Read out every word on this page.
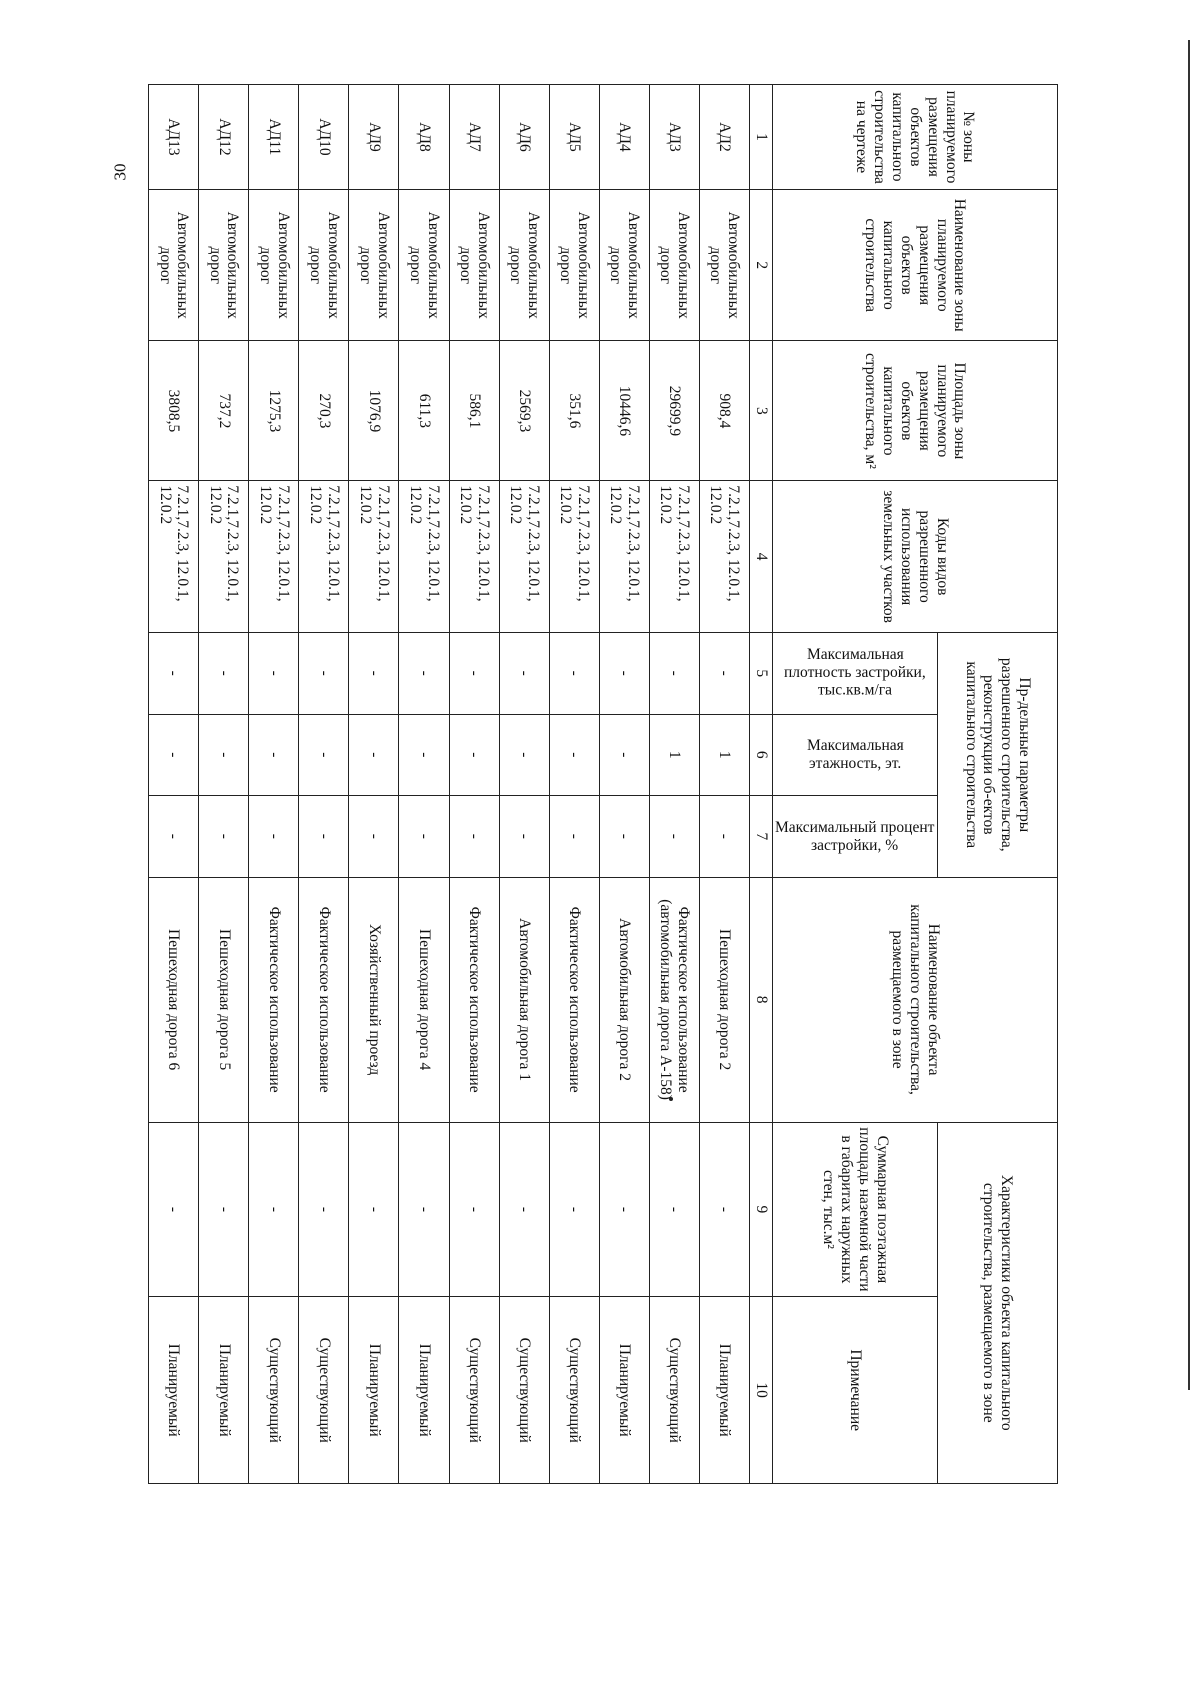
30
№ зоны планируемого размещения объектов капитального строительства на чертеже	Наименование зоны планируемого размещения объектов капитального строительства	Площадь зоны планируемого размещения объектов капитального строительства, м²	Коды видов разрешенного использования земельных участков	Пр-дельные параметры разрешенного строительства, реконструкции об-ектов капитального строительства			Наименование объекта капитального строительства, размещаемого в зоне	Характеристики объекта капитального строительства, размещаемого в зоне	

				Максимальная плотность застройки, тыс.кв.м/га	Максимальная этажность, эт.	Максимальный процент застройки, %		Суммарная поэтажная площадь наземной части в габаритах наружных стен, тыс.м²	Примечание
1	2	3	4	5	6	7	8	9	10
АД2	Автомобильных дорог	908,4	7.2.1,7.2.3, 12.0.1, 12.0.2	-	1	-	Пешеходная дорога 2	-	Планируемый
АД3	Автомобильных дорог	29699,9	7.2.1,7.2.3, 12.0.1, 12.0.2	-	1	-	Фактическое использование (автомобильная дорога А-158)	-	Существующий
АД4	Автомобильных дорог	10446,6	7.2.1,7.2.3, 12.0.1, 12.0.2	-	-	-	Автомобильная дорога 2	-	Планируемый
АД5	Автомобильных дорог	351,6	7.2.1,7.2.3, 12.0.1, 12.0.2	-	-	-	Фактическое использование	-	Существующий
АД6	Автомобильных дорог	2569,3	7.2.1,7.2.3, 12.0.1, 12.0.2	-	-	-	Автомобильная дорога 1	-	Существующий
АД7	Автомобильных дорог	586,1	7.2.1,7.2.3, 12.0.1, 12.0.2	-	-	-	Фактическое использование	-	Существующий
АД8	Автомобильных дорог	611,3	7.2.1,7.2.3, 12.0.1, 12.0.2	-	-	-	Пешеходная дорога 4	-	Планируемый
АД9	Автомобильных дорог	1076,9	7.2.1,7.2.3, 12.0.1, 12.0.2	-	-	-	Хозяйственный проезд	-	Планируемый
АД10	Автомобильных дорог	270,3	7.2.1,7.2.3, 12.0.1, 12.0.2	-	-	-	Фактическое использование	-	Существующий
АД11	Автомобильных дорог	1275,3	7.2.1,7.2.3, 12.0.1, 12.0.2	-	-	-	Фактическое использование	-	Существующий
АД12	Автомобильных дорог	737,2	7.2.1,7.2.3, 12.0.1, 12.0.2	-	-	-	Пешеходная дорога 5	-	Планируемый
АД13	Автомобильных дорог	3808,5	7.2.1,7.2.3, 12.0.1, 12.0.2	-	-	-	Пешеходная дорога 6	-	Планируемый
